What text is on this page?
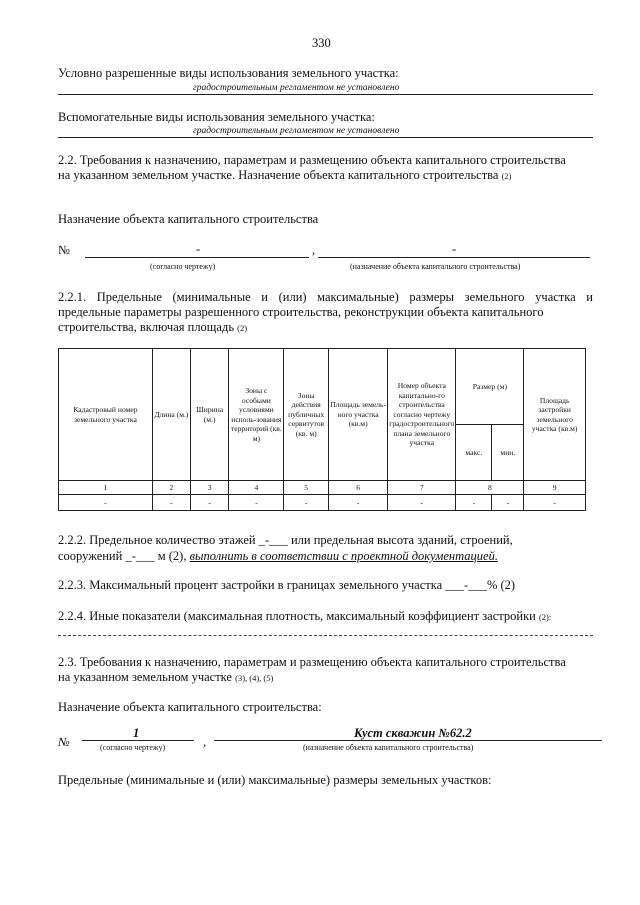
330
Условно разрешенные виды использования земельного участка:
градостроительным регламентом не установлено
Вспомогательные виды использования земельного участка:
градостроительным регламентом не установлено
2.2. Требования к назначению, параметрам и размещению объекта капитального строительства
на указанном земельном участке. Назначение объекта капитального строительства (2)
Назначение объекта капитального строительства
№	-	,	-
(согласно чертежу)	(назначение объекта капитального строительства)
2.2.1. Предельные (минимальные и (или) максимальные) размеры земельного участка и
предельные параметры разрешенного строительства, реконструкции объекта капитального
строительства, включая площадь (2)
Кадастровый номер земельного участка	Длина (м.)	Ширина (м.)	Зоны с особыми условиями исполь-зования территорий (кв. м)	Зоны действия публичных сервитутов (кв. м)	Площадь земель-ного участка (кв.м)	Номер объекта капитально-го строительства согласно чертежу градостроительного плана земельного участка	Размер (м)		Площадь застройки земельного участка (кв.м)
							макс.	мин.	
1	2	3	4	5	6	7	8		9
-	-	-	-	-	-	-	-	-	-
2.2.2. Предельное количество этажей _-___ или предельная высота зданий, строений,
сооружений _-___ м (2), выполнить в соответствии с проектной документацией.
2.2.3. Максимальный процент застройки в границах земельного участка ___-___% (2)
2.2.4. Иные показатели (максимальная плотность, максимальный коэффициент застройки (2):
2.3. Требования к назначению, параметрам и размещению объекта капитального строительства
на указанном земельном участке (3), (4), (5)
Назначение объекта капитального строительства:
№
1
,
Куст скважин №62.2
(согласно чертежу)	(назначение объекта капитального строительства)
Предельные (минимальные и (или) максимальные) размеры земельных участков:
